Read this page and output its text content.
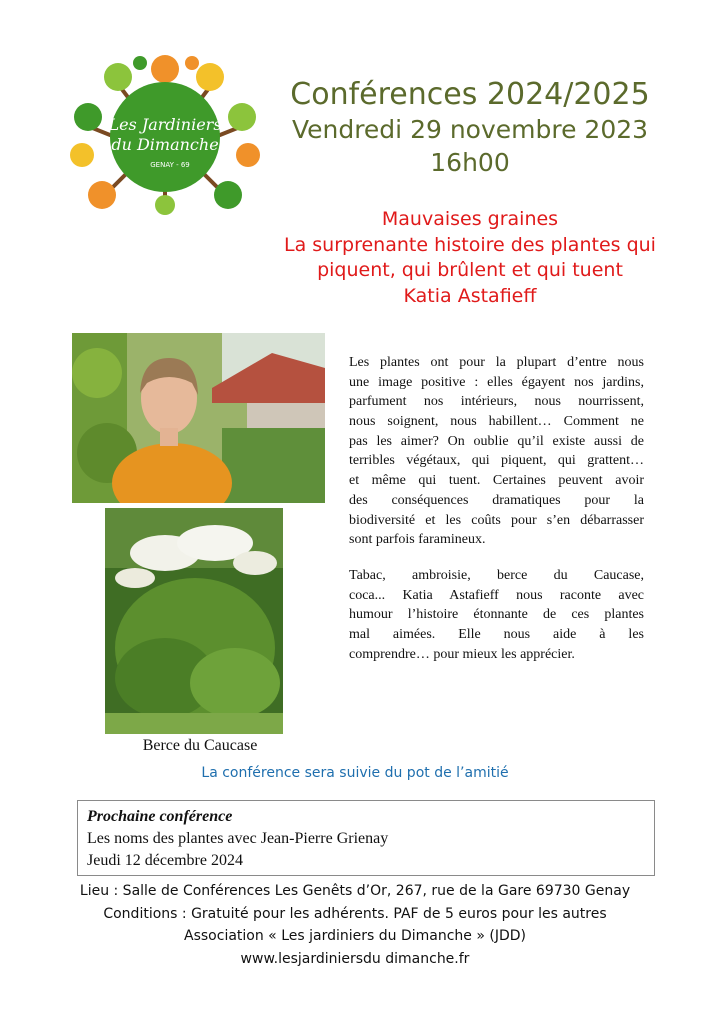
Les Jardiniers
du Dimanche
GENAY - 69
Conférences 2024/2025
Vendredi 29 novembre 2023
16h00
Mauvaises graines
La surprenante histoire des plantes qui
piquent, qui brûlent et qui tuent
Katia Astafieff
Berce du Caucase
Les plantes ont pour la plupart d’entre nous
une image positive : elles égayent nos jardins,
parfument nos intérieurs, nous nourrissent,
nous soignent, nous habillent… Comment ne
pas les aimer? On oublie qu’il existe aussi de
terribles végétaux, qui piquent, qui grattent…
et même qui tuent. Certaines peuvent avoir
des conséquences dramatiques pour la
biodiversité et les coûts pour s’en débarrasser
sont parfois faramineux.
Tabac, ambroisie, berce du Caucase,
coca... Katia Astafieff nous raconte avec
humour l’histoire étonnante de ces plantes
mal aimées. Elle nous aide à les
comprendre… pour mieux les apprécier.
La conférence sera suivie du pot de l’amitié
Prochaine conférence
Les noms des plantes avec Jean-Pierre Grienay
Jeudi 12 décembre 2024
Lieu : Salle de Conférences Les Genêts d’Or, 267, rue de la Gare 69730 Genay
Conditions : Gratuité pour les adhérents. PAF de 5 euros pour les autres
Association « Les jardiniers du Dimanche » (JDD)
www.lesjardiniersdu dimanche.fr
